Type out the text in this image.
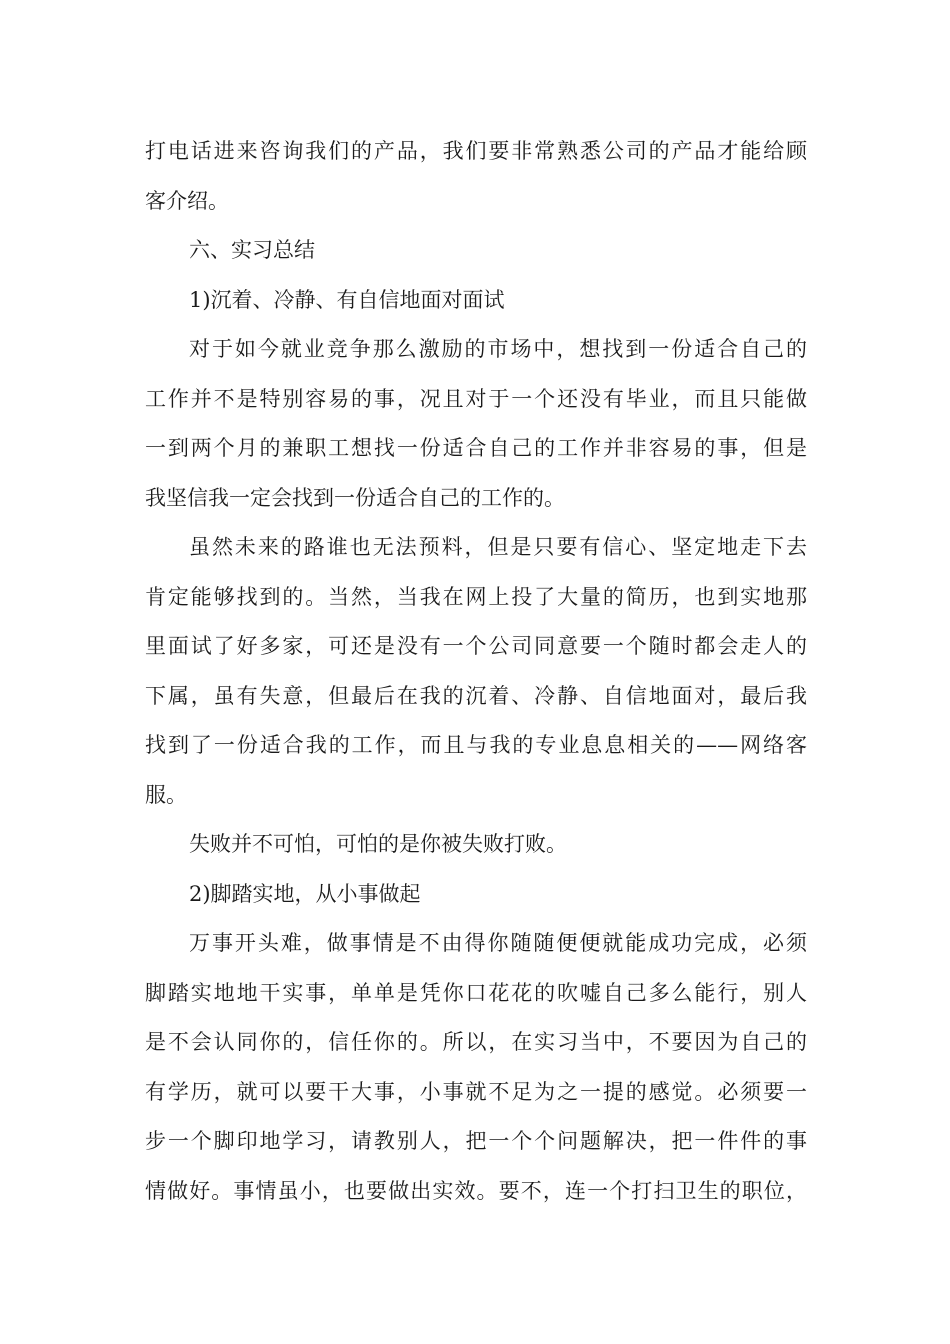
打电话进来咨询我们的产品，我们要非常熟悉公司的产品才能给顾
客介绍。
六、实习总结
1)沉着、冷静、有自信地面对面试
对于如今就业竞争那么激励的市场中，想找到一份适合自己的
工作并不是特别容易的事，况且对于一个还没有毕业，而且只能做
一到两个月的兼职工想找一份适合自己的工作并非容易的事，但是
我坚信我一定会找到一份适合自己的工作的。
虽然未来的路谁也无法预料，但是只要有信心、坚定地走下去
肯定能够找到的。当然，当我在网上投了大量的简历，也到实地那
里面试了好多家，可还是没有一个公司同意要一个随时都会走人的
下属，虽有失意，但最后在我的沉着、冷静、自信地面对，最后我
找到了一份适合我的工作，而且与我的专业息息相关的——网络客
服。
失败并不可怕，可怕的是你被失败打败。
2)脚踏实地，从小事做起
万事开头难，做事情是不由得你随随便便就能成功完成，必须
脚踏实地地干实事，单单是凭你口花花的吹嘘自己多么能行，别人
是不会认同你的，信任你的。所以，在实习当中，不要因为自己的
有学历，就可以要干大事，小事就不足为之一提的感觉。必须要一
步一个脚印地学习，请教别人，把一个个问题解决，把一件件的事
情做好。事情虽小，也要做出实效。要不，连一个打扫卫生的职位，
